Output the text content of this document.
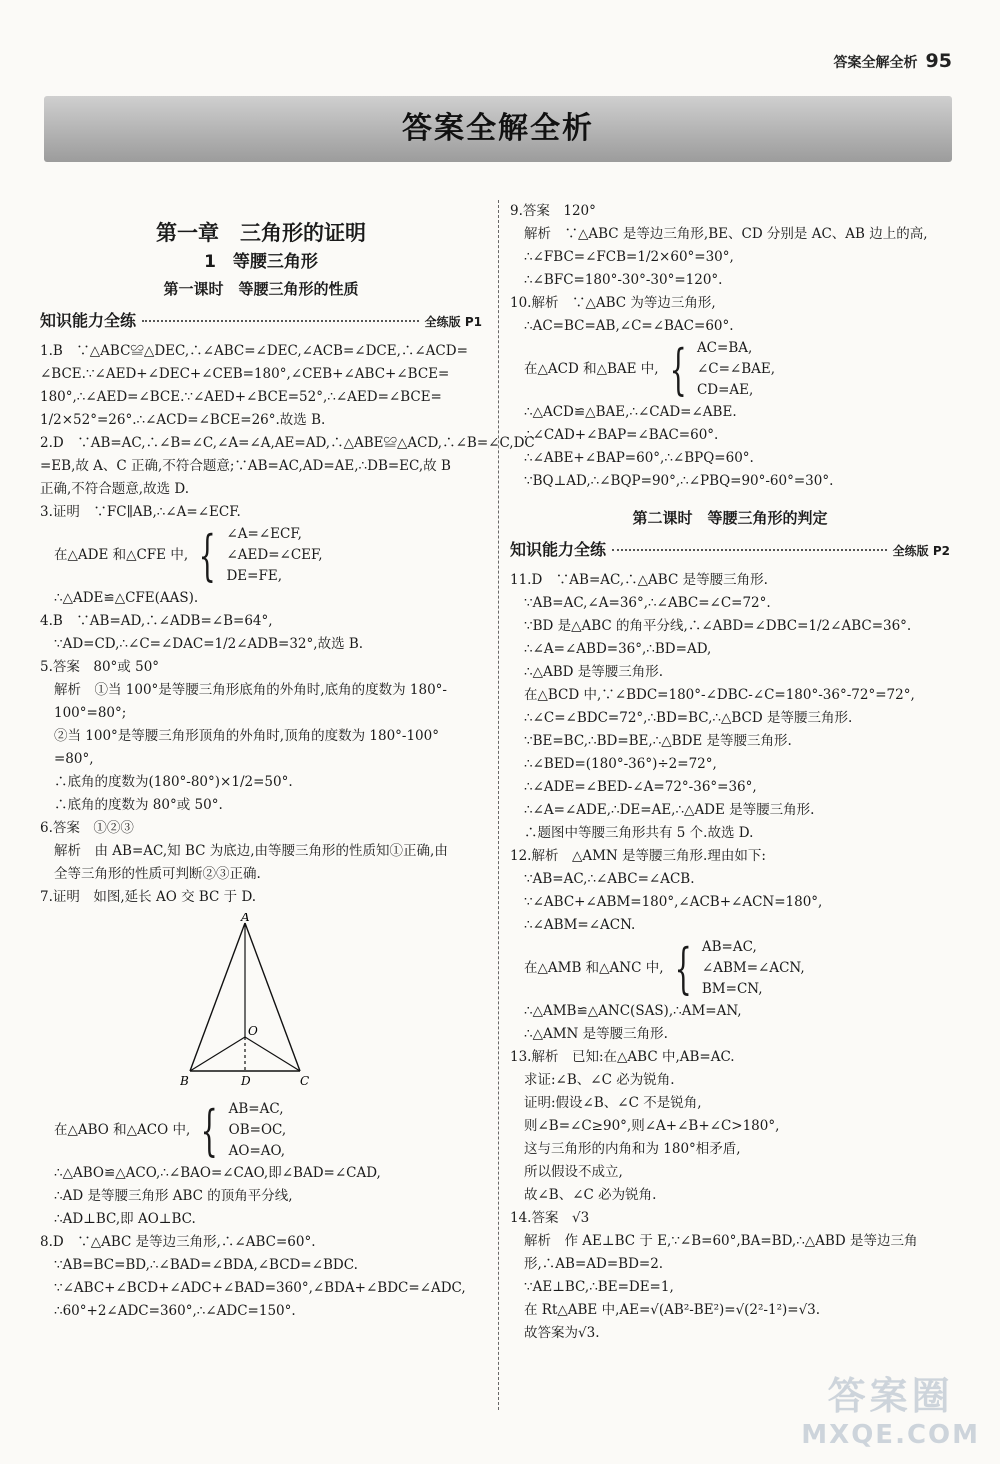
答案全解全析 95
答案全解全析
第一章　三角形的证明
1　等腰三角形
第一课时　等腰三角形的性质
知识能力全练	全练版 P1
1.B　∵△ABC≌△DEC,∴∠ABC=∠DEC,∠ACB=∠DCE,∴∠ACD=
∠BCE.∵∠AED+∠DEC+∠CEB=180°,∠CEB+∠ABC+∠BCE=
180°,∴∠AED=∠BCE.∵∠AED+∠BCE=52°,∴∠AED=∠BCE=
1/2×52°=26°.∴∠ACD=∠BCE=26°.故选 B.
2.D　∵AB=AC,∴∠B=∠C,∠A=∠A,AE=AD,∴△ABE≌△ACD,∴∠B=∠C,DC
=EB,故 A、C 正确,不符合题意;∵AB=AC,AD=AE,∴DB=EC,故 B
正确,不符合题意,故选 D.
3.证明　∵FC∥AB,∴∠A=∠ECF.
在△ADE 和△CFE 中, { ∠A=∠ECF,
∠AED=∠CEF,
DE=FE,
∴△ADE≌△CFE(AAS).
4.B　∵AB=AD,∴∠ADB=∠B=64°,
∵AD=CD,∴∠C=∠DAC=1/2∠ADB=32°,故选 B.
5.答案　80°或 50°
解析　①当 100°是等腰三角形底角的外角时,底角的度数为 180°-
100°=80°;
②当 100°是等腰三角形顶角的外角时,顶角的度数为 180°-100°
=80°,
∴底角的度数为(180°-80°)×1/2=50°.
∴底角的度数为 80°或 50°.
6.答案　①②③
解析　由 AB=AC,知 BC 为底边,由等腰三角形的性质知①正确,由
全等三角形的性质可判断②③正确.
7.证明　如图,延长 AO 交 BC 于 D.
A
B	C
D
O
在△ABO 和△ACO 中, { AB=AC,
OB=OC,
AO=AO,
∴△ABO≌△ACO,∴∠BAO=∠CAO,即∠BAD=∠CAD,
∴AD 是等腰三角形 ABC 的顶角平分线,
∴AD⊥BC,即 AO⊥BC.
8.D　∵△ABC 是等边三角形,∴∠ABC=60°.
∵AB=BC=BD,∴∠BAD=∠BDA,∠BCD=∠BDC.
∵∠ABC+∠BCD+∠ADC+∠BAD=360°,∠BDA+∠BDC=∠ADC,
∴60°+2∠ADC=360°,∴∠ADC=150°.
9.答案　120°
解析　∵△ABC 是等边三角形,BE、CD 分别是 AC、AB 边上的高,
∴∠FBC=∠FCB=1/2×60°=30°,
∴∠BFC=180°-30°-30°=120°.
10.解析　∵△ABC 为等边三角形,
∴AC=BC=AB,∠C=∠BAC=60°.
在△ACD 和△BAE 中, { AC=BA,
∠C=∠BAE,
CD=AE,
∴△ACD≌△BAE,∴∠CAD=∠ABE.
∴∠CAD+∠BAP=∠BAC=60°.
∴∠ABE+∠BAP=60°,∴∠BPQ=60°.
∵BQ⊥AD,∴∠BQP=90°,∴∠PBQ=90°-60°=30°.
第二课时　等腰三角形的判定
知识能力全练	全练版 P2
11.D　∵AB=AC,∴△ABC 是等腰三角形.
∵AB=AC,∠A=36°,∴∠ABC=∠C=72°.
∵BD 是△ABC 的角平分线,∴∠ABD=∠DBC=1/2∠ABC=36°.
∴∠A=∠ABD=36°,∴BD=AD,
∴△ABD 是等腰三角形.
在△BCD 中,∵∠BDC=180°-∠DBC-∠C=180°-36°-72°=72°,
∴∠C=∠BDC=72°,∴BD=BC,∴△BCD 是等腰三角形.
∵BE=BC,∴BD=BE,∴△BDE 是等腰三角形.
∴∠BED=(180°-36°)÷2=72°,
∴∠ADE=∠BED-∠A=72°-36°=36°,
∴∠A=∠ADE,∴DE=AE,∴△ADE 是等腰三角形.
∴题图中等腰三角形共有 5 个.故选 D.
12.解析　△AMN 是等腰三角形.理由如下:
∵AB=AC,∴∠ABC=∠ACB.
∵∠ABC+∠ABM=180°,∠ACB+∠ACN=180°,
∴∠ABM=∠ACN.
在△AMB 和△ANC 中, { AB=AC,
∠ABM=∠ACN,
BM=CN,
∴△AMB≌△ANC(SAS),∴AM=AN,
∴△AMN 是等腰三角形.
13.解析　已知:在△ABC 中,AB=AC.
求证:∠B、∠C 必为锐角.
证明:假设∠B、∠C 不是锐角,
则∠B=∠C≥90°,则∠A+∠B+∠C>180°,
这与三角形的内角和为 180°相矛盾,
所以假设不成立,
故∠B、∠C 必为锐角.
14.答案　√3
解析　作 AE⊥BC 于 E,∵∠B=60°,BA=BD,∴△ABD 是等边三角
形,∴AB=AD=BD=2.
∵AE⊥BC,∴BE=DE=1,
在 Rt△ABE 中,AE=√(AB²-BE²)=√(2²-1²)=√3.
故答案为√3.
答案圈
MXQE.COM
